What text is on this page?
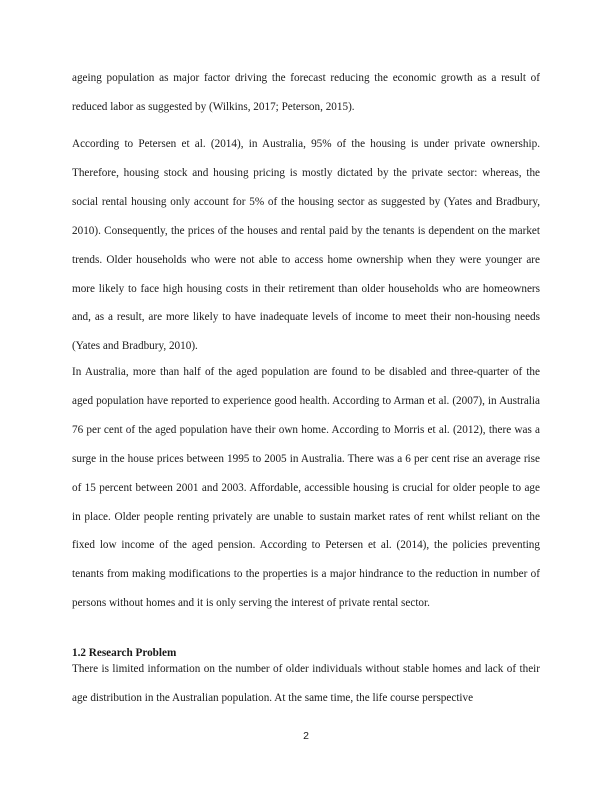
ageing population as major factor driving the forecast reducing the economic growth as a result of reduced labor as suggested by (Wilkins, 2017; Peterson, 2015).

According to Petersen et al. (2014), in Australia, 95% of the housing is under private ownership. Therefore, housing stock and housing pricing is mostly dictated by the private sector: whereas, the social rental housing only account for 5% of the housing sector as suggested by (Yates and Bradbury, 2010). Consequently, the prices of the houses and rental paid by the tenants is dependent on the market trends. Older households who were not able to access home ownership when they were younger are more likely to face high housing costs in their retirement than older households who are homeowners and, as a result, are more likely to have inadequate levels of income to meet their non-housing needs (Yates and Bradbury, 2010).

In Australia, more than half of the aged population are found to be disabled and three-quarter of the aged population have reported to experience good health. According to Arman et al. (2007), in Australia 76 per cent of the aged population have their own home. According to Morris et al. (2012), there was a surge in the house prices between 1995 to 2005 in Australia. There was a 6 per cent rise an average rise of 15 percent between 2001 and 2003. Affordable, accessible housing is crucial for older people to age in place. Older people renting privately are unable to sustain market rates of rent whilst reliant on the fixed low income of the aged pension. According to Petersen et al. (2014), the policies preventing tenants from making modifications to the properties is a major hindrance to the reduction in number of persons without homes and it is only serving the interest of private rental sector.

1.2 Research Problem

There is limited information on the number of older individuals without stable homes and lack of their age distribution in the Australian population. At the same time, the life course perspective

2
